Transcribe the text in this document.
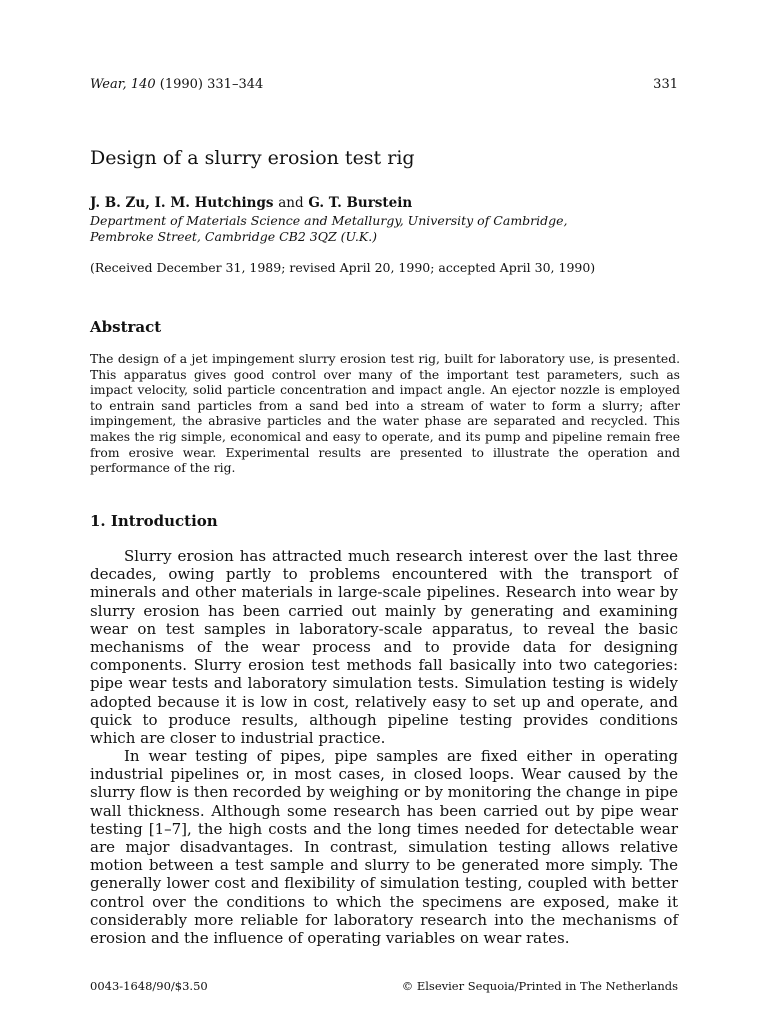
Wear, 140 (1990) 331–344	331
Design of a slurry erosion test rig
J. B. Zu, I. M. Hutchings and G. T. Burstein
Department of Materials Science and Metallurgy, University of Cambridge,
Pembroke Street, Cambridge CB2 3QZ (U.K.)
(Received December 31, 1989; revised April 20, 1990; accepted April 30, 1990)
Abstract

The design of a jet impingement slurry erosion test rig, built for laboratory use, is presented. This apparatus gives good control over many of the important test parameters, such as impact velocity, solid particle concentration and impact angle. An ejector nozzle is employed to entrain sand particles from a sand bed into a stream of water to form a slurry; after impingement, the abrasive particles and the water phase are separated and recycled. This makes the rig simple, economical and easy to operate, and its pump and pipeline remain free from erosive wear. Experimental results are presented to illustrate the operation and performance of the rig.

1. Introduction

Slurry erosion has attracted much research interest over the last three decades, owing partly to problems encountered with the transport of minerals and other materials in large-scale pipelines. Research into wear by slurry erosion has been carried out mainly by generating and examining wear on test samples in laboratory-scale apparatus, to reveal the basic mechanisms of the wear process and to provide data for designing components. Slurry erosion test methods fall basically into two categories: pipe wear tests and laboratory simulation tests. Simulation testing is widely adopted because it is low in cost, relatively easy to set up and operate, and quick to produce results, although pipeline testing provides conditions which are closer to industrial practice.

In wear testing of pipes, pipe samples are fixed either in operating industrial pipelines or, in most cases, in closed loops. Wear caused by the slurry flow is then recorded by weighing or by monitoring the change in pipe wall thickness. Although some research has been carried out by pipe wear testing [1–7], the high costs and the long times needed for detectable wear are major disadvantages. In contrast, simulation testing allows relative motion between a test sample and slurry to be generated more simply. The generally lower cost and flexibility of simulation testing, coupled with better control over the conditions to which the specimens are exposed, make it considerably more reliable for laboratory research into the mechanisms of erosion and the influence of operating variables on wear rates.

0043-1648/90/$3.50	© Elsevier Sequoia/Printed in The Netherlands
